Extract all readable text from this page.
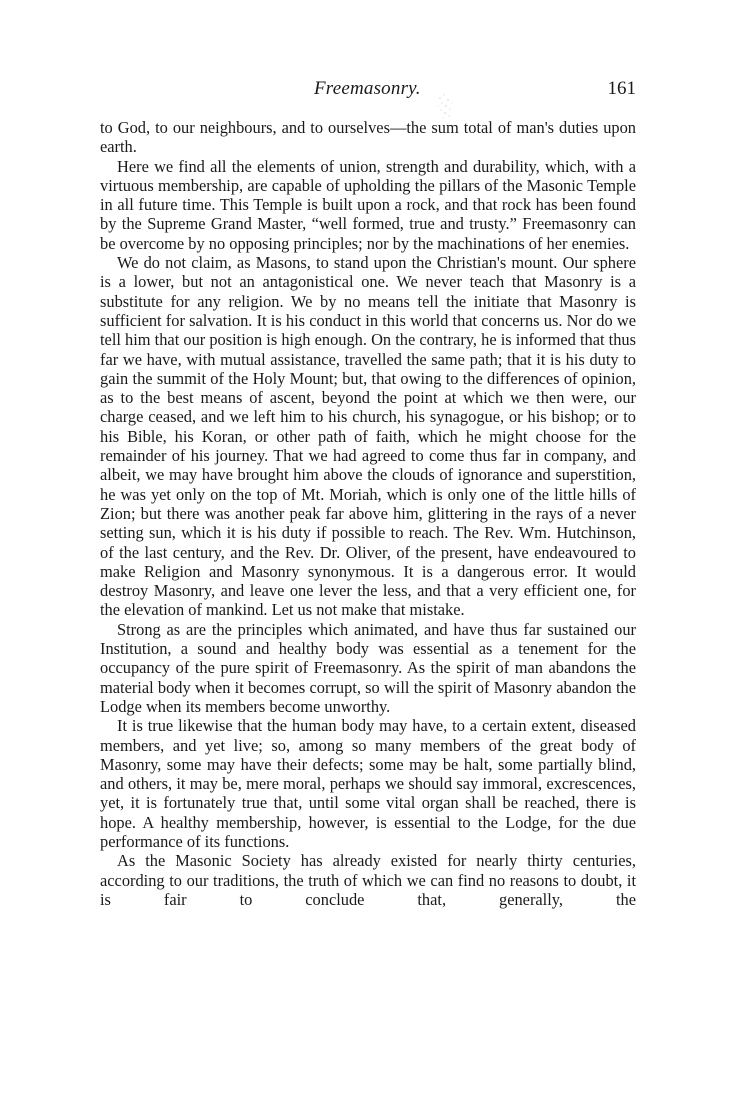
Freemasonry.	161

to God, to our neighbours, and to ourselves—the sum total of man's duties upon earth.

Here we find all the elements of union, strength and durability, which, with a virtuous membership, are capable of upholding the pillars of the Masonic Temple in all future time. This Temple is built upon a rock, and that rock has been found by the Supreme Grand Master, “well formed, true and trusty.” Freemasonry can be overcome by no opposing principles; nor by the machinations of her enemies.

We do not claim, as Masons, to stand upon the Christian's mount. Our sphere is a lower, but not an antagonistical one. We never teach that Masonry is a substitute for any religion. We by no means tell the initiate that Masonry is sufficient for salvation. It is his conduct in this world that concerns us. Nor do we tell him that our position is high enough. On the contrary, he is informed that thus far we have, with mutual assistance, travelled the same path; that it is his duty to gain the summit of the Holy Mount; but, that owing to the differences of opinion, as to the best means of ascent, beyond the point at which we then were, our charge ceased, and we left him to his church, his synagogue, or his bishop; or to his Bible, his Koran, or other path of faith, which he might choose for the remainder of his journey. That we had agreed to come thus far in company, and albeit, we may have brought him above the clouds of ignorance and superstition, he was yet only on the top of Mt. Moriah, which is only one of the little hills of Zion; but there was another peak far above him, glittering in the rays of a never setting sun, which it is his duty if possible to reach. The Rev. Wm. Hutchinson, of the last century, and the Rev. Dr. Oliver, of the present, have endeavoured to make Religion and Masonry synonymous. It is a dangerous error. It would destroy Masonry, and leave one lever the less, and that a very efficient one, for the elevation of mankind. Let us not make that mistake.

Strong as are the principles which animated, and have thus far sustained our Institution, a sound and healthy body was essential as a tenement for the occupancy of the pure spirit of Freemasonry. As the spirit of man abandons the material body when it becomes corrupt, so will the spirit of Masonry abandon the Lodge when its members become unworthy.

It is true likewise that the human body may have, to a certain extent, diseased members, and yet live; so, among so many members of the great body of Masonry, some may have their defects; some may be halt, some partially blind, and others, it may be, mere moral, perhaps we should say immoral, excrescences, yet, it is fortunately true that, until some vital organ shall be reached, there is hope. A healthy membership, however, is essential to the Lodge, for the due performance of its functions.

As the Masonic Society has already existed for nearly thirty centuries, according to our traditions, the truth of which we can find no reasons to doubt, it is fair to conclude that, generally, the
